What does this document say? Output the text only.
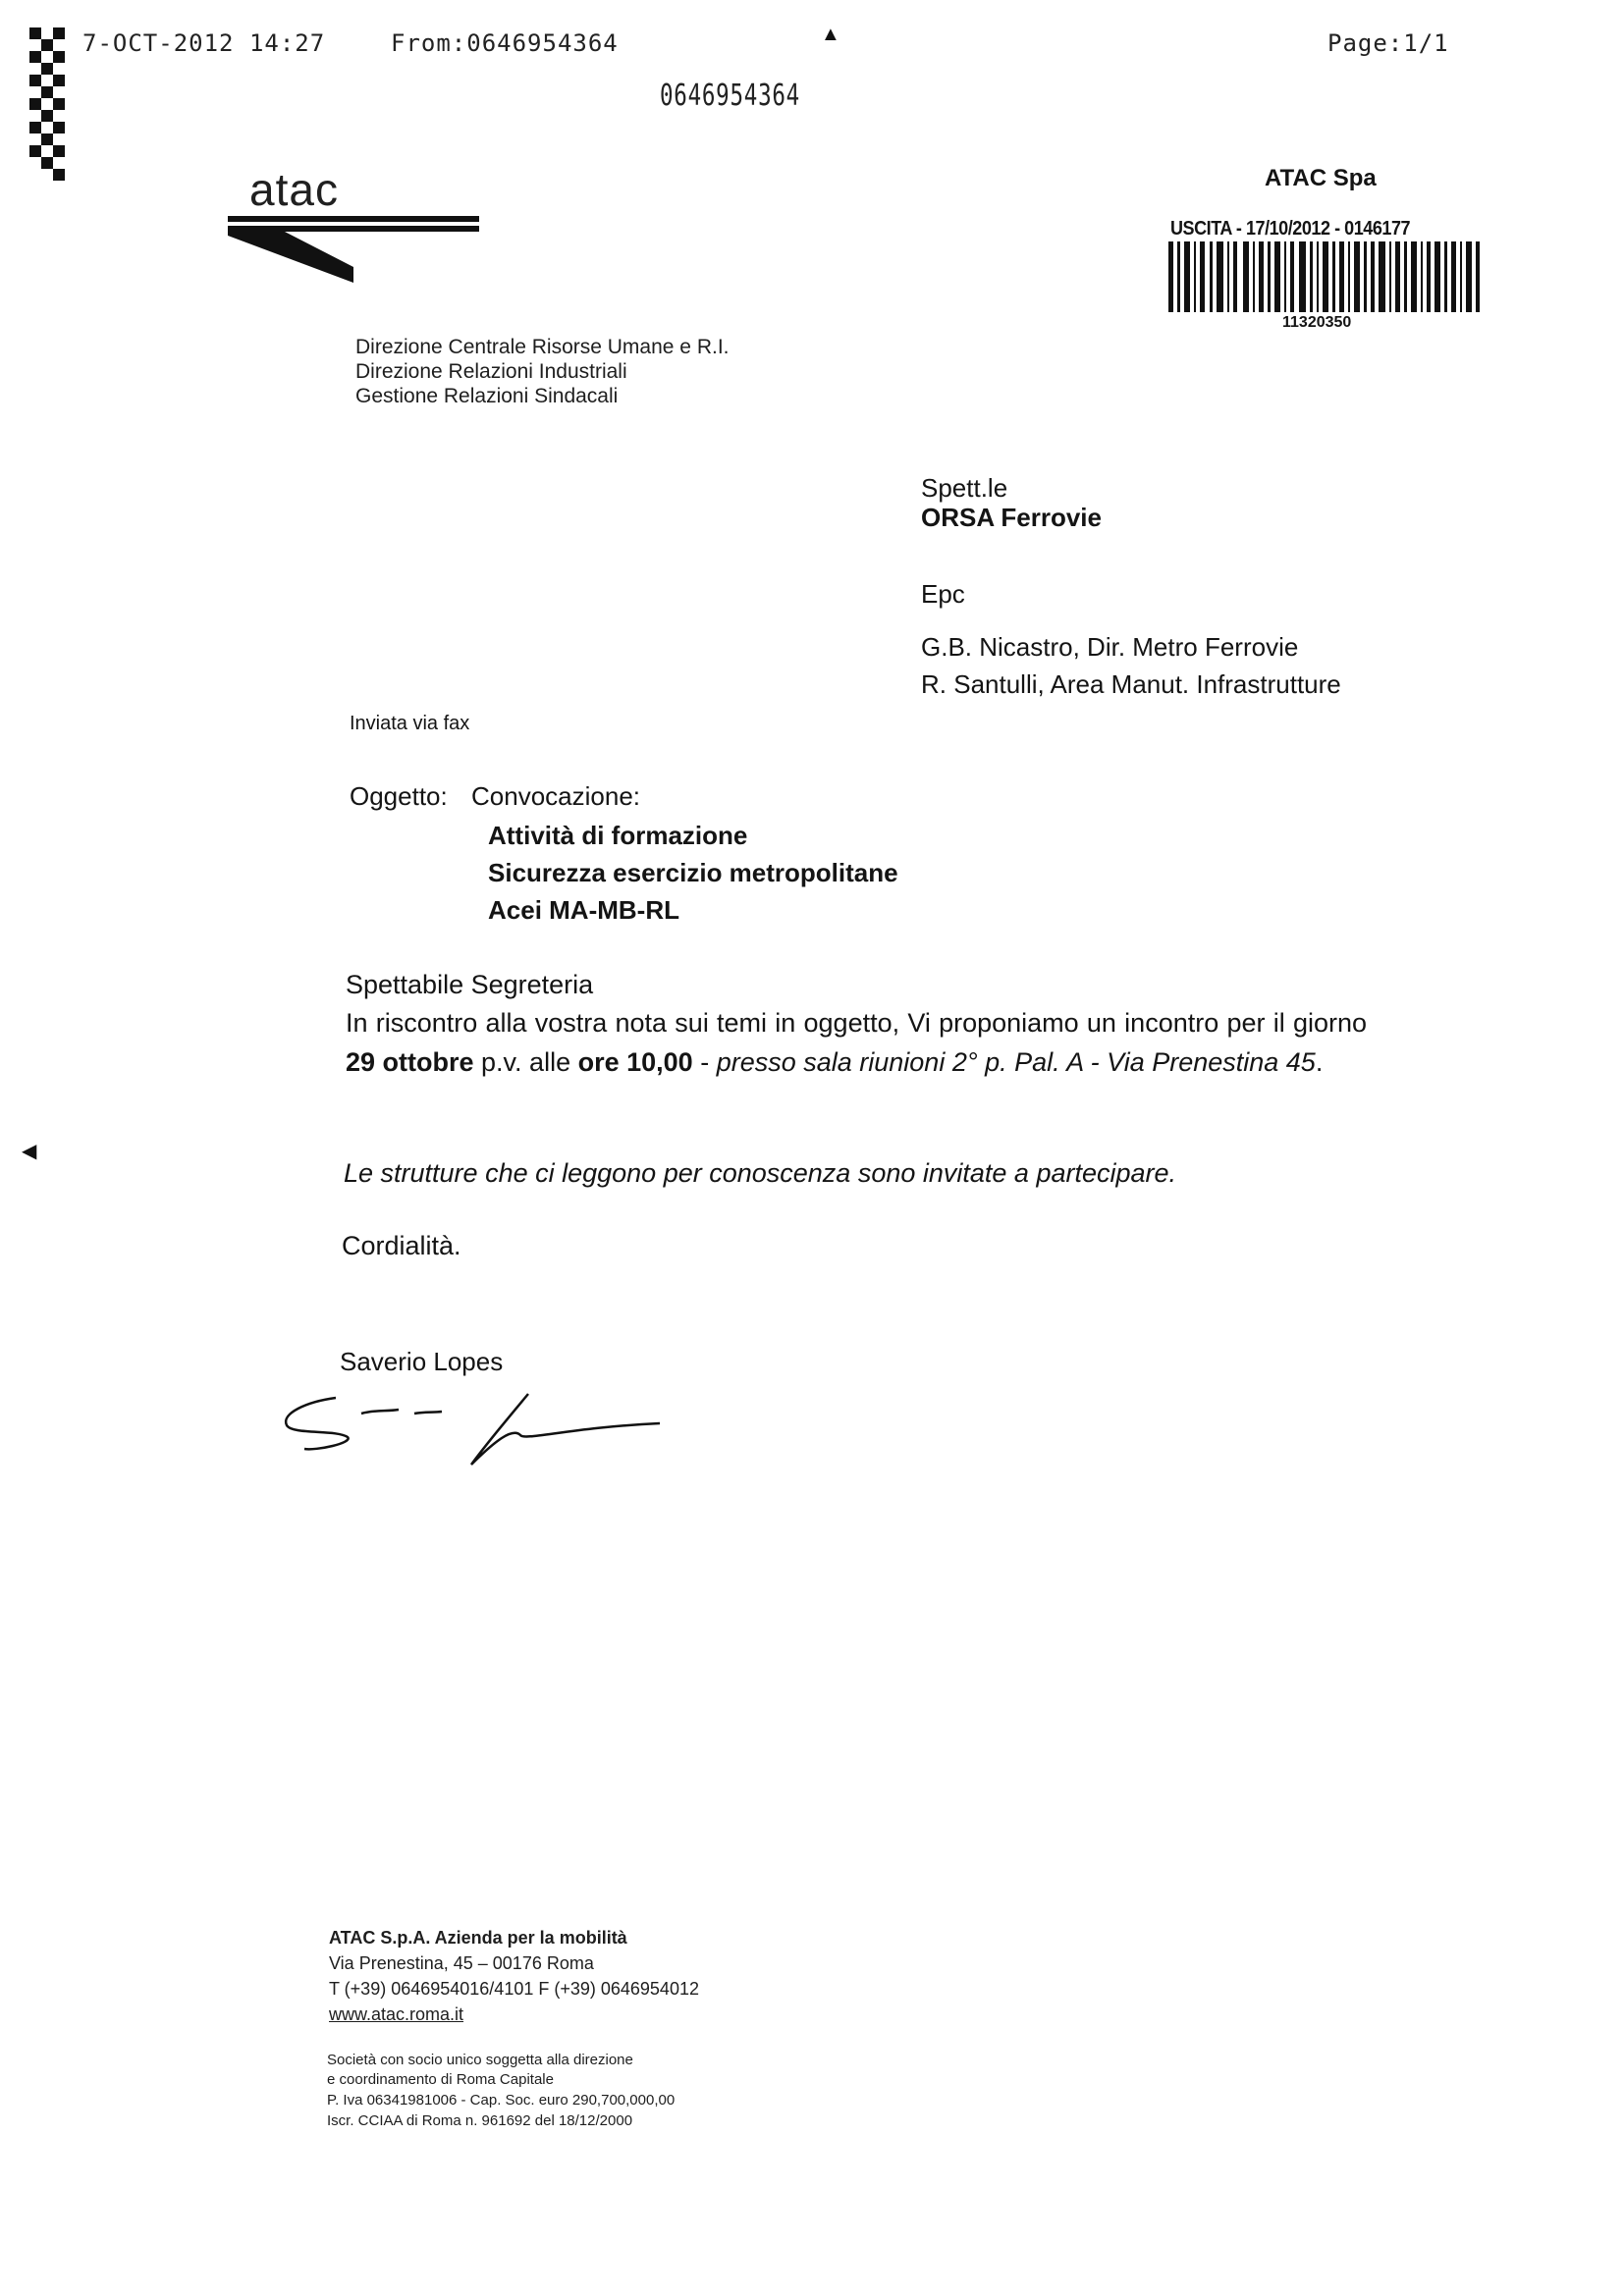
7-OCT-2012 14:27	From:0646954364	Page:1/1
▲
0646954364
atac	ATAC Spa
USCITA - 17/10/2012 - 0146177
11320350
Direzione Centrale Risorse Umane e R.I.
Direzione Relazioni Industriali
Gestione Relazioni Sindacali
Spett.le
ORSA Ferrovie
Epc
G.B. Nicastro, Dir. Metro Ferrovie
R. Santulli, Area Manut. Infrastrutture
Inviata via fax
Oggetto: Convocazione:
Attività di formazione
Sicurezza esercizio metropolitane
Acei MA-MB-RL
Spettabile Segreteria
In riscontro alla vostra nota sui temi in oggetto, Vi proponiamo un incontro per il giorno 29 ottobre p.v. alle ore 10,00 - presso sala riunioni 2° p. Pal. A - Via Prenestina 45.
Le strutture che ci leggono per conoscenza sono invitate a partecipare.
Cordialità.
◀
Saverio Lopes
ATAC S.p.A. Azienda per la mobilità
Via Prenestina, 45 – 00176 Roma
T (+39) 0646954016/4101 F (+39) 0646954012
www.atac.roma.it
Società con socio unico soggetta alla direzione
e coordinamento di Roma Capitale
P. Iva 06341981006 - Cap. Soc. euro 290,700,000,00
Iscr. CCIAA di Roma n. 961692 del 18/12/2000
